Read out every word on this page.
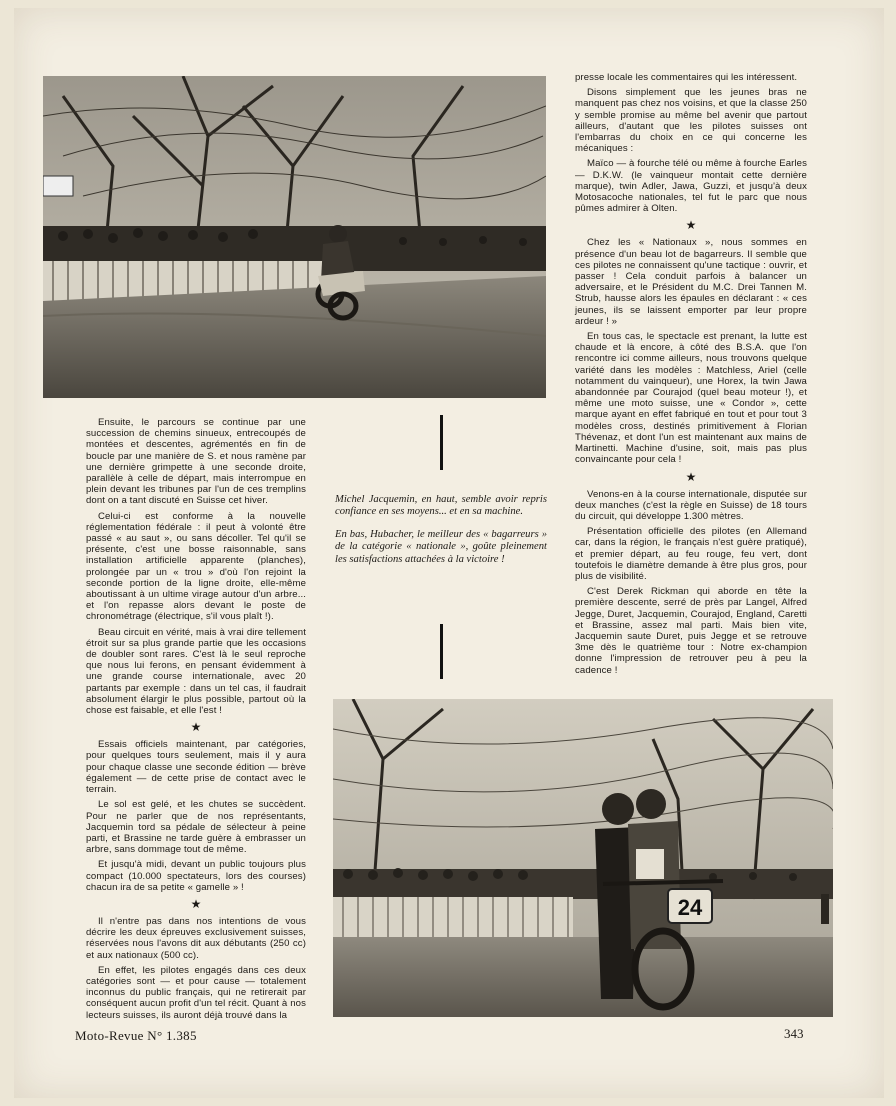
24

Ensuite, le parcours se continue par une succession de chemins sinueux, entrecoupés de montées et descentes, agrémentés en fin de boucle par une manière de S. et nous ramène par une dernière grimpette à une seconde droite, parallèle à celle de départ, mais interrompue en plein devant les tribunes par l'un de ces tremplins dont on a tant discuté en Suisse cet hiver.

Celui-ci est conforme à la nouvelle réglementation fédérale : il peut à volonté être passé « au saut », ou sans décoller. Tel qu'il se présente, c'est une bosse raisonnable, sans installation artificielle apparente (planches), prolongée par un « trou » d'où l'on rejoint la seconde portion de la ligne droite, elle-même aboutissant à un ultime virage autour d'un arbre... et l'on repasse alors devant le poste de chronométrage (électrique, s'il vous plaît !).

Beau circuit en vérité, mais à vrai dire tellement étroit sur sa plus grande partie que les occasions de doubler sont rares. C'est là le seul reproche que nous lui ferons, en pensant évidemment à une grande course internationale, avec 20 partants par exemple : dans un tel cas, il faudrait absolument élargir le plus possible, partout où la chose est faisable, et elle l'est !

★

Essais officiels maintenant, par catégories, pour quelques tours seulement, mais il y aura pour chaque classe une seconde édition — brève également — de cette prise de contact avec le terrain.

Le sol est gelé, et les chutes se succèdent. Pour ne parler que de nos représentants, Jacquemin tord sa pédale de sélecteur à peine parti, et Brassine ne tarde guère à embrasser un arbre, sans dommage tout de même.

Et jusqu'à midi, devant un public toujours plus compact (10.000 spectateurs, lors des courses) chacun ira de sa petite « gamelle » !

★

Il n'entre pas dans nos intentions de vous décrire les deux épreuves exclusivement suisses, réservées nous l'avons dit aux débutants (250 cc) et aux nationaux (500 cc).

En effet, les pilotes engagés dans ces deux catégories sont — et pour cause — totalement inconnus du public français, qui ne retirerait par conséquent aucun profit d'un tel récit. Quant à nos lecteurs suisses, ils auront déjà trouvé dans la

Michel Jacquemin, en haut, semble avoir repris confiance en ses moyens... et en sa machine.

En bas, Hubacher, le meilleur des « bagarreurs » de la catégorie « nationale », goûte pleinement les satisfactions attachées à la victoire !

presse locale les commentaires qui les intéressent.

Disons simplement que les jeunes bras ne manquent pas chez nos voisins, et que la classe 250 y semble promise au même bel avenir que partout ailleurs, d'autant que les pilotes suisses ont l'embarras du choix en ce qui concerne les mécaniques :

Maïco — à fourche télé ou même à fourche Earles — D.K.W. (le vainqueur montait cette dernière marque), twin Adler, Jawa, Guzzi, et jusqu'à deux Motosacoche nationales, tel fut le parc que nous pûmes admirer à Olten.

★

Chez les « Nationaux », nous sommes en présence d'un beau lot de bagarreurs. Il semble que ces pilotes ne connaissent qu'une tactique : ouvrir, et passer ! Cela conduit parfois à balancer un adversaire, et le Président du M.C. Drei Tannen M. Strub, hausse alors les épaules en déclarant : « ces jeunes, ils se laissent emporter par leur propre ardeur ! »

En tous cas, le spectacle est prenant, la lutte est chaude et là encore, à côté des B.S.A. que l'on rencontre ici comme ailleurs, nous trouvons quelque variété dans les modèles : Matchless, Ariel (celle notamment du vainqueur), une Horex, la twin Jawa abandonnée par Courajod (quel beau moteur !), et même une moto suisse, une « Condor », cette marque ayant en effet fabriqué en tout et pour tout 3 modèles cross, destinés primitivement à Florian Thévenaz, et dont l'un est maintenant aux mains de Martinetti. Machine d'usine, soit, mais pas plus convaincante pour cela !

★

Venons-en à la course internationale, disputée sur deux manches (c'est la règle en Suisse) de 18 tours du circuit, qui développe 1.300 mètres.

Présentation officielle des pilotes (en Allemand car, dans la région, le français n'est guère pratiqué), et premier départ, au feu rouge, feu vert, dont toutefois le diamètre demande à être plus gros, pour plus de visibilité.

C'est Derek Rickman qui aborde en tête la première descente, serré de près par Langel, Alfred Jegge, Duret, Jacquemin, Courajod, England, Caretti et Brassine, assez mal parti. Mais bien vite, Jacquemin saute Duret, puis Jegge et se retrouve 3me dès le quatrième tour : Notre ex-champion donne l'impression de retrouver peu à peu la cadence !

Moto-Revue N° 1.385	343
